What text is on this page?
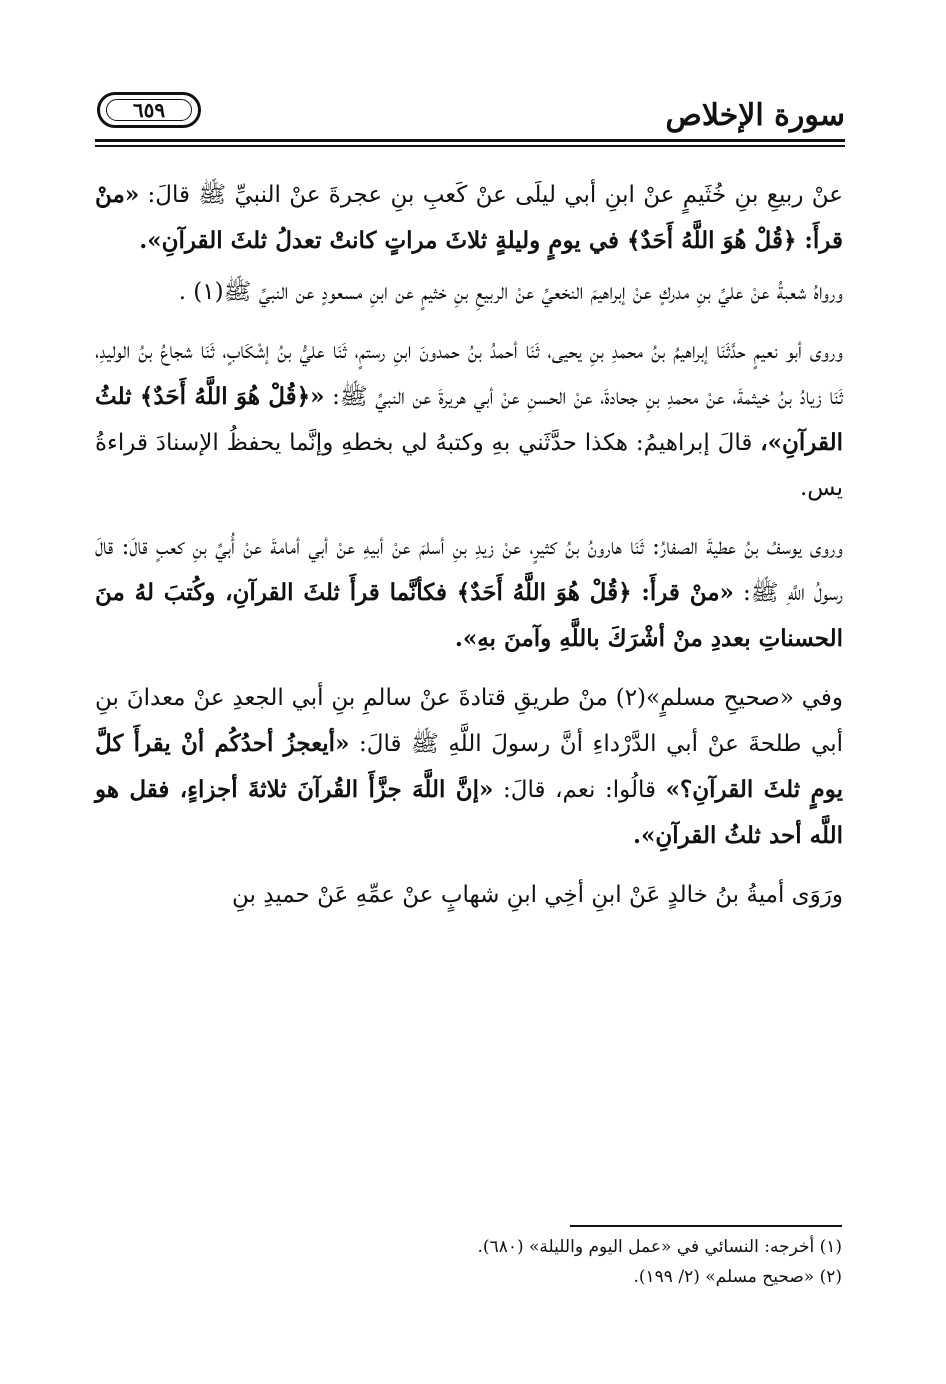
سورة الإخلاص
٦٥٩

عنْ ربيعِ بنِ خُثَيمٍ عنْ ابنِ أبي ليلَى عنْ كَعبِ بنِ عجرةَ عنْ النبيِّ ﷺ قالَ: «منْ قرأَ: ﴿قُلْ هُوَ اللَّهُ أَحَدٌ﴾ في يومٍ وليلةٍ ثلاثَ مراتٍ كانتْ تعدلُ ثلثَ القرآنِ».

ورواهُ شعبةُ عنْ عليِّ بنِ مدركٍ عنْ إبراهيمَ النخعيِّ عنْ الربيعِ بنِ خثيمٍ عن ابنِ مسعودٍ عن النبيِّ ﷺ(١) .

وروى أبو نعيمٍ حدَّثَنَا إبراهيمُ بنُ محمدِ بنِ يحيى، ثَنَا أحمدُ بنُ حمدونَ ابنِ رستمٍ، ثَنَا عليُّ بنُ إشْكَابٍ، ثَنَا شجاعُ بنُ الوليدِ، ثَنَا زيادُ بنُ خيثمةَ، عنْ محمدِ بنِ جحادةَ، عنْ الحسنِ عنْ أبي هريرةَ عن النبيِّ ﷺ: «﴿قُلْ هُوَ اللَّهُ أَحَدٌ﴾ ثلثُ القرآنِ»، قالَ إبراهيمُ: هكذا حدَّثَني بهِ وكتبهُ لي بخطهِ وإنَّما يحفظُ الإسنادَ قراءةُ يس.

وروى يوسفُ بنُ عطيةَ الصفارُ: ثَنَا هارونُ بنُ كثيرٍ، عنْ زيدِ بنِ أسلمَ عنْ أبيهِ عنْ أبي أمامةَ عنْ أُبيِّ بنِ كعبٍ قالَ: قالَ رسولُ اللَّهِ ﷺ: «منْ قرأَ: ﴿قُلْ هُوَ اللَّهُ أَحَدٌ﴾ فكأنَّما قرأَ ثلثَ القرآنِ، وكُتبَ لهُ منَ الحسناتِ بعددِ منْ أشْرَكَ باللَّهِ وآمنَ بهِ».

وفي «صحيحِ مسلمٍ»(٢) منْ طريقِ قتادةَ عنْ سالمِ بنِ أبي الجعدِ عنْ معدانَ بنِ أبي طلحةَ عنْ أبي الدَّرْداءِ أنَّ رسولَ اللَّهِ ﷺ قالَ: «أيعجزُ أحدُكُم أنْ يقرأَ كلَّ يومٍ ثلثَ القرآنِ؟» قالُوا: نعم، قالَ: «إنَّ اللَّهَ جزَّأَ القُرآنَ ثلاثةَ أجزاءٍ، فقل هو اللَّه أحد ثلثُ القرآنِ».

ورَوَى أميةُ بنُ خالدٍ عَنْ ابنِ أخِي ابنِ شهابٍ عنْ عمِّهِ عَنْ حميدِ بنِ

(١) أخرجه: النسائي في «عمل اليوم والليلة» (٦٨٠).

(٢) «صحيح مسلم» (٢/ ١٩٩).
